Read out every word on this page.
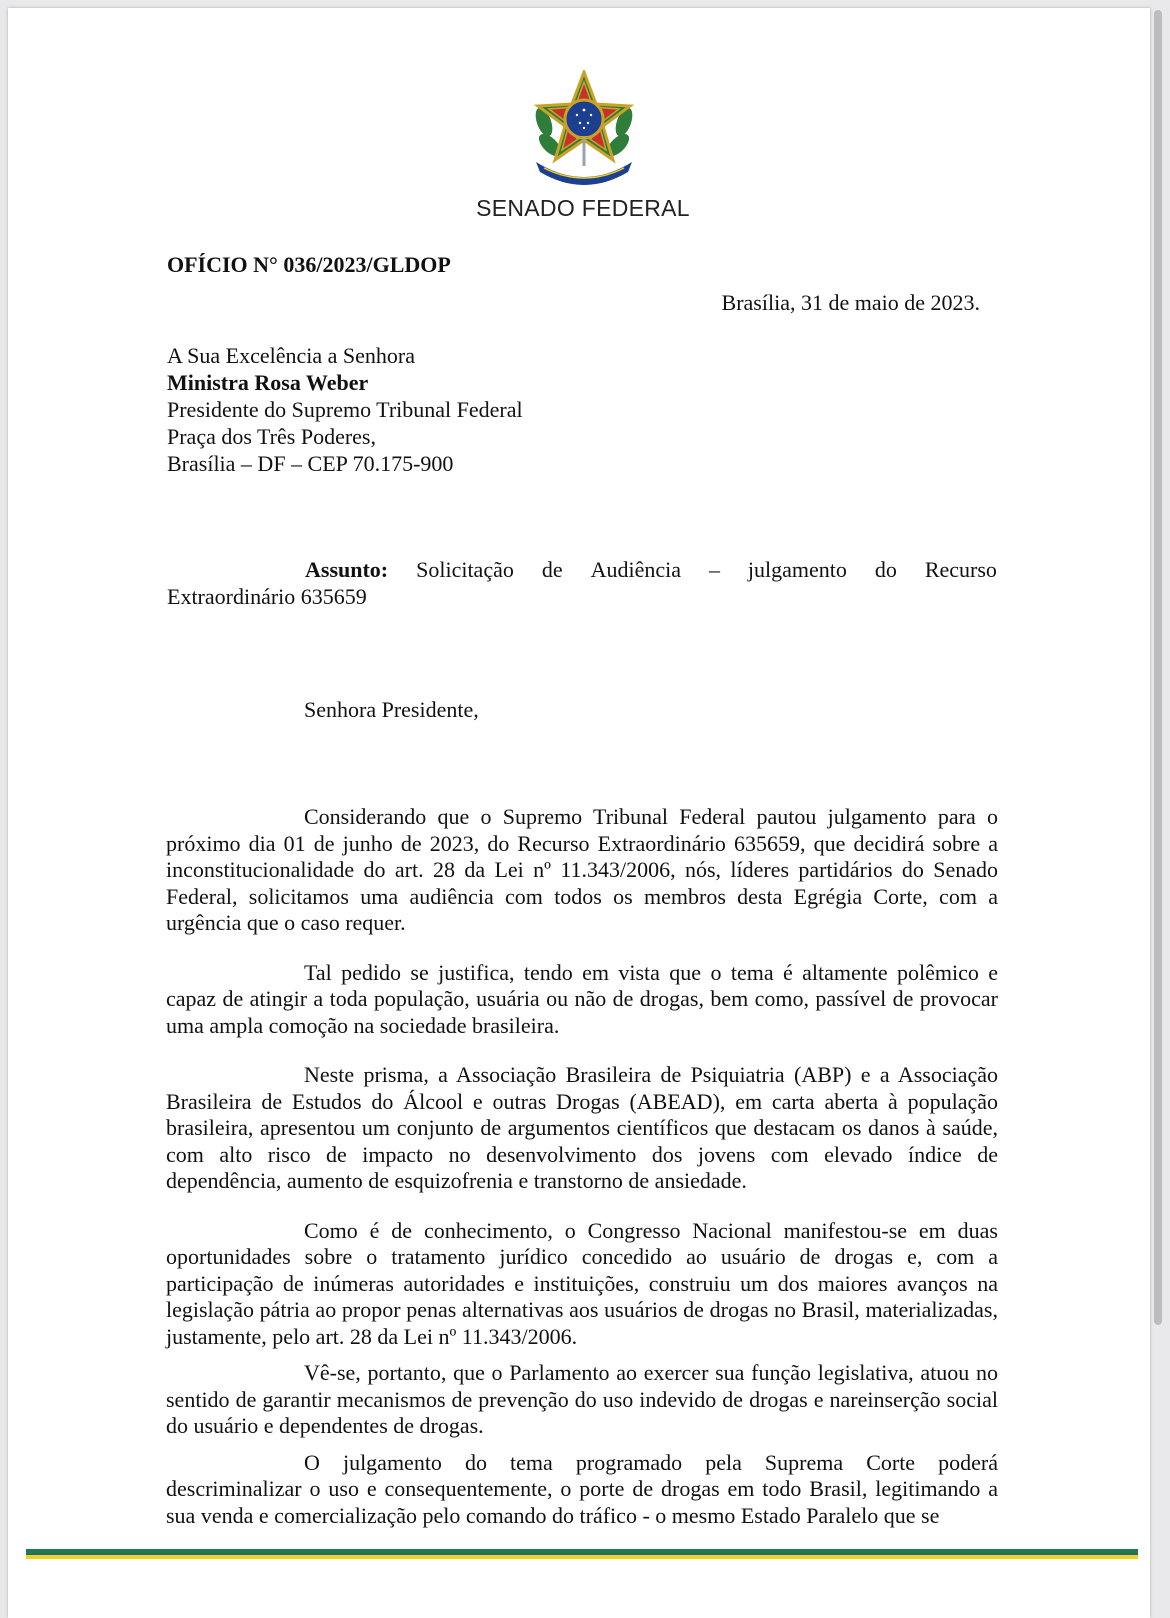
SENADO FEDERAL
OFÍCIO N° 036/2023/GLDOP
Brasília, 31 de maio de 2023.
A Sua Excelência a Senhora
Ministra Rosa Weber
Presidente do Supremo Tribunal Federal
Praça dos Três Poderes,
Brasília – DF – CEP 70.175-900
Assunto: Solicitação de Audiência – julgamento do Recurso
Extraordinário 635659
Senhora Presidente,

Considerando que o Supremo Tribunal Federal pautou julgamento para o próximo dia 01 de junho de 2023, do Recurso Extraordinário 635659, que decidirá sobre a inconstitucionalidade do art. 28 da Lei nº 11.343/2006, nós, líderes partidários do Senado Federal, solicitamos uma audiência com todos os membros desta Egrégia Corte, com a urgência que o caso requer.

Tal pedido se justifica, tendo em vista que o tema é altamente polêmico e capaz de atingir a toda população, usuária ou não de drogas, bem como, passível de provocar uma ampla comoção na sociedade brasileira.

Neste prisma, a Associação Brasileira de Psiquiatria (ABP) e a Associação Brasileira de Estudos do Álcool e outras Drogas (ABEAD), em carta aberta à população brasileira, apresentou um conjunto de argumentos científicos que destacam os danos à saúde, com alto risco de impacto no desenvolvimento dos jovens com elevado índice de dependência, aumento de esquizofrenia e transtorno de ansiedade.

Como é de conhecimento, o Congresso Nacional manifestou-se em duas oportunidades sobre o tratamento jurídico concedido ao usuário de drogas e, com a participação de inúmeras autoridades e instituições, construiu um dos maiores avanços na legislação pátria ao propor penas alternativas aos usuários de drogas no Brasil, materializadas, justamente, pelo art. 28 da Lei nº 11.343/2006.

Vê-se, portanto, que o Parlamento ao exercer sua função legislativa, atuou no sentido de garantir mecanismos de prevenção do uso indevido de drogas e nareinserção social do usuário e dependentes de drogas.

O julgamento do tema programado pela Suprema Corte poderá descriminalizar o uso e consequentemente, o porte de drogas em todo Brasil, legitimando a sua venda e comercialização pelo comando do tráfico - o mesmo Estado Paralelo que se
